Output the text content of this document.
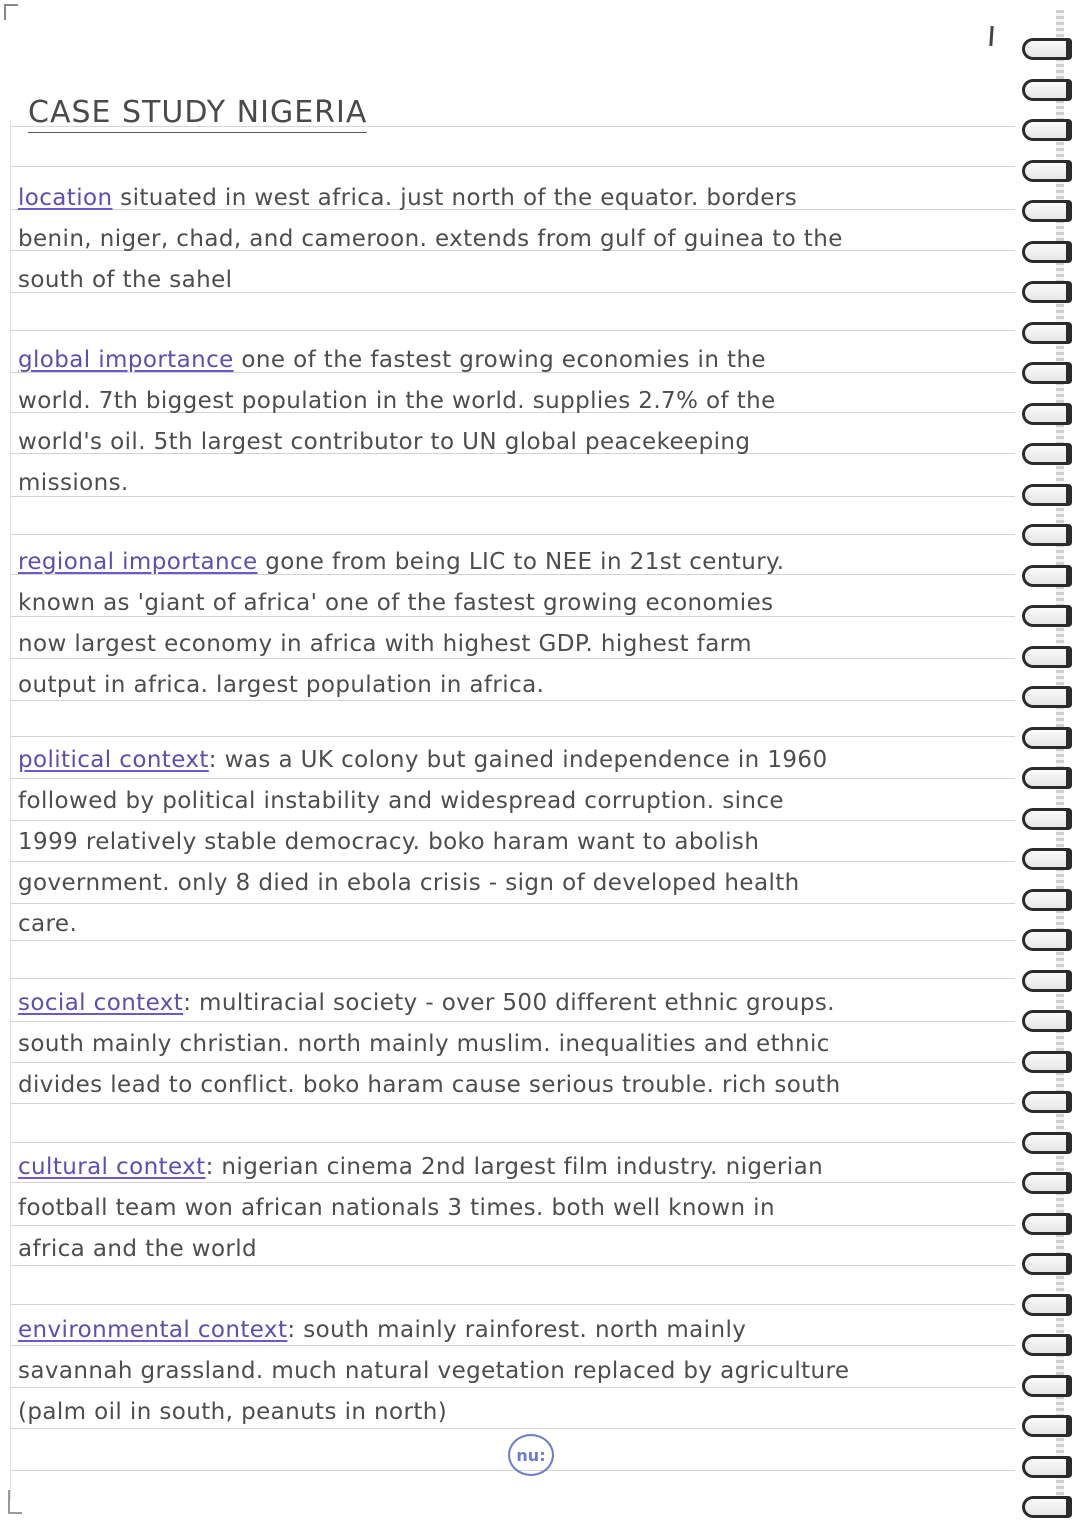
CASE STUDY NIGERIA
location situated in west africa. just north of the equator. borders
benin, niger, chad, and cameroon. extends from gulf of guinea to the
south of the sahel
global importance one of the fastest growing economies in the
world. 7th biggest population in the world. supplies 2.7% of the
world's oil. 5th largest contributor to UN global peacekeeping
missions.
regional importance gone from being LIC to NEE in 21st century.
known as 'giant of africa' one of the fastest growing economies
now largest economy in africa with highest GDP. highest farm
output in africa. largest population in africa.
political context: was a UK colony but gained independence in 1960
followed by political instability and widespread corruption. since
1999 relatively stable democracy. boko haram want to abolish
government. only 8 died in ebola crisis - sign of developed health
care.
social context: multiracial society - over 500 different ethnic groups.
south mainly christian. north mainly muslim. inequalities and ethnic
divides lead to conflict. boko haram cause serious trouble. rich south
cultural context: nigerian cinema 2nd largest film industry. nigerian
football team won african nationals 3 times. both well known in
africa and the world
environmental context: south mainly rainforest. north mainly
savannah grassland. much natural vegetation replaced by agriculture
(palm oil in south, peanuts in north)
nu:
